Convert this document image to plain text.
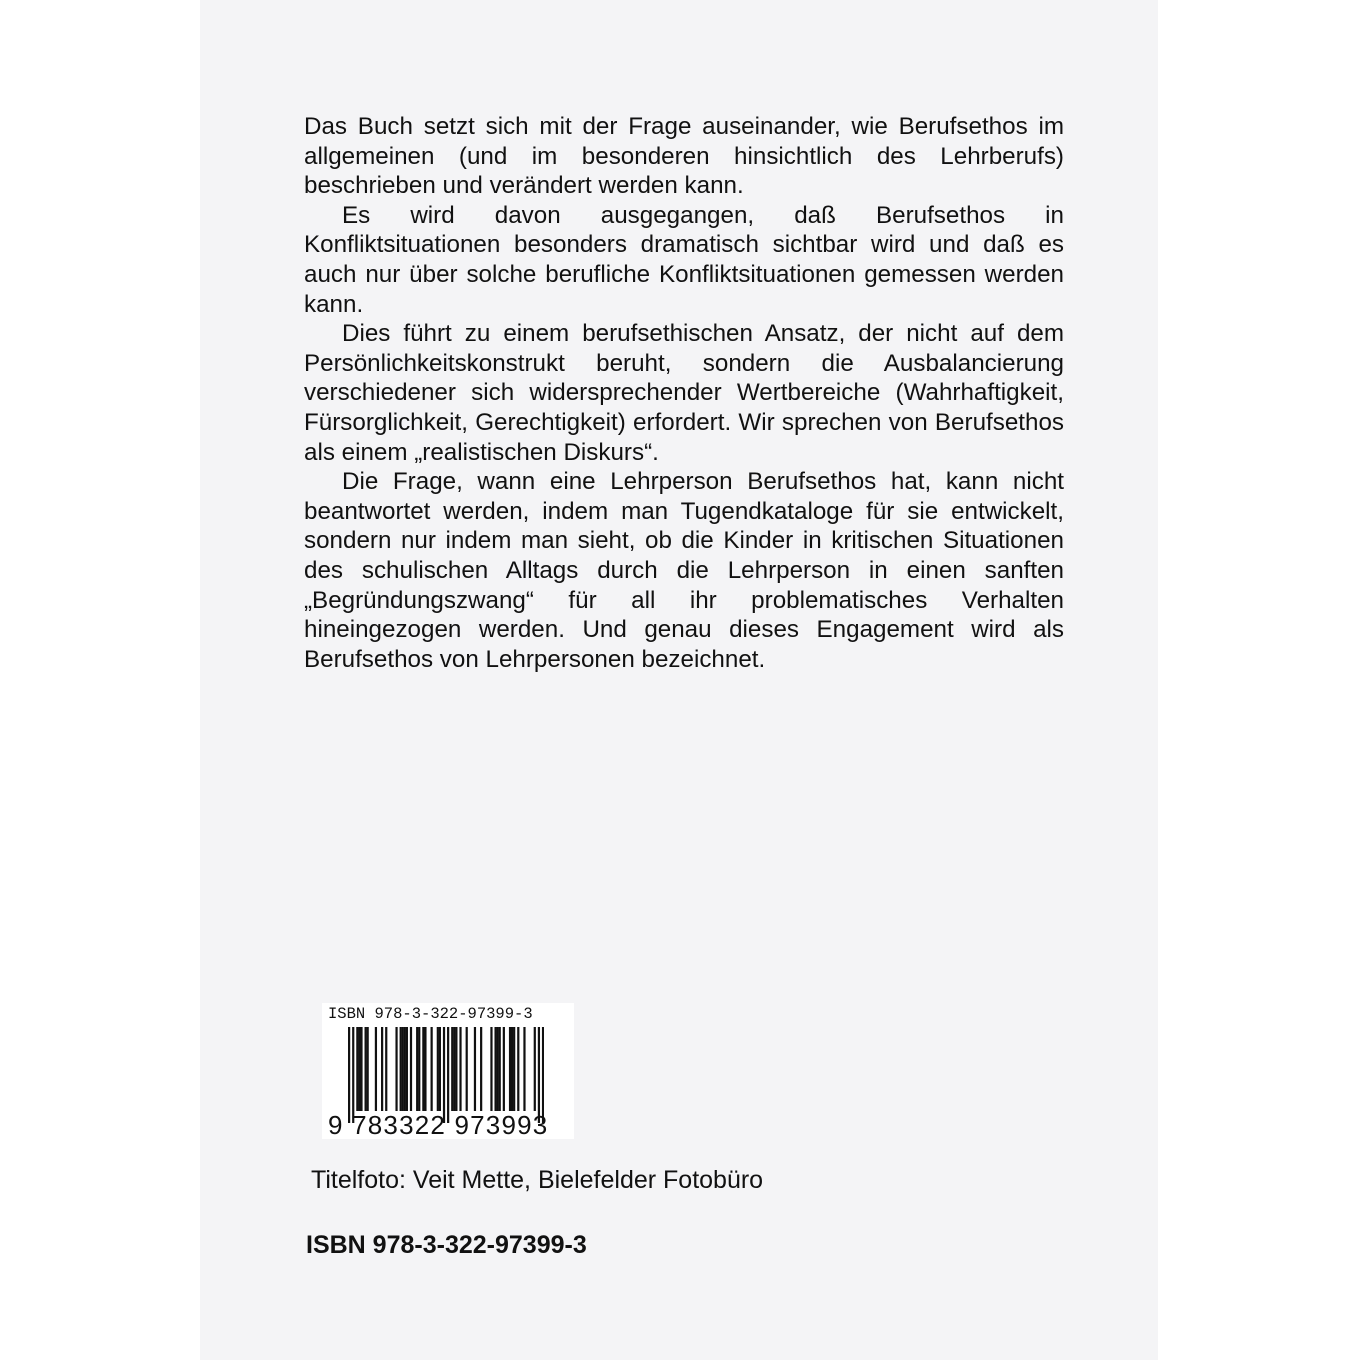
Das Buch setzt sich mit der Frage auseinander, wie Berufsethos im allgemeinen (und im besonderen hinsichtlich des Lehrberufs) beschrieben und verändert werden kann.

Es wird davon ausgegangen, daß Berufsethos in Konfliktsituationen besonders dramatisch sichtbar wird und daß es auch nur über solche berufliche Konfliktsituationen gemessen werden kann.

Dies führt zu einem berufsethischen Ansatz, der nicht auf dem Persönlichkeitskonstrukt beruht, sondern die Ausbalancierung verschiedener sich widersprechender Wertbereiche (Wahrhaftigkeit, Fürsorglichkeit, Gerechtigkeit) erfordert. Wir sprechen von Berufsethos als einem „realistischen Diskurs“.

Die Frage, wann eine Lehrperson Berufsethos hat, kann nicht beantwortet werden, indem man Tugendkataloge für sie entwickelt, sondern nur indem man sieht, ob die Kinder in kritischen Situationen des schulischen Alltags durch die Lehrperson in einen sanften „Begründungszwang“ für all ihr problematisches Verhalten hineingezogen werden. Und genau dieses Engagement wird als Berufsethos von Lehrpersonen bezeichnet.

ISBN 978-3-322-97399-3
9 783322 973993
Titelfoto: Veit Mette, Bielefelder Fotobüro
ISBN 978-3-322-97399-3
